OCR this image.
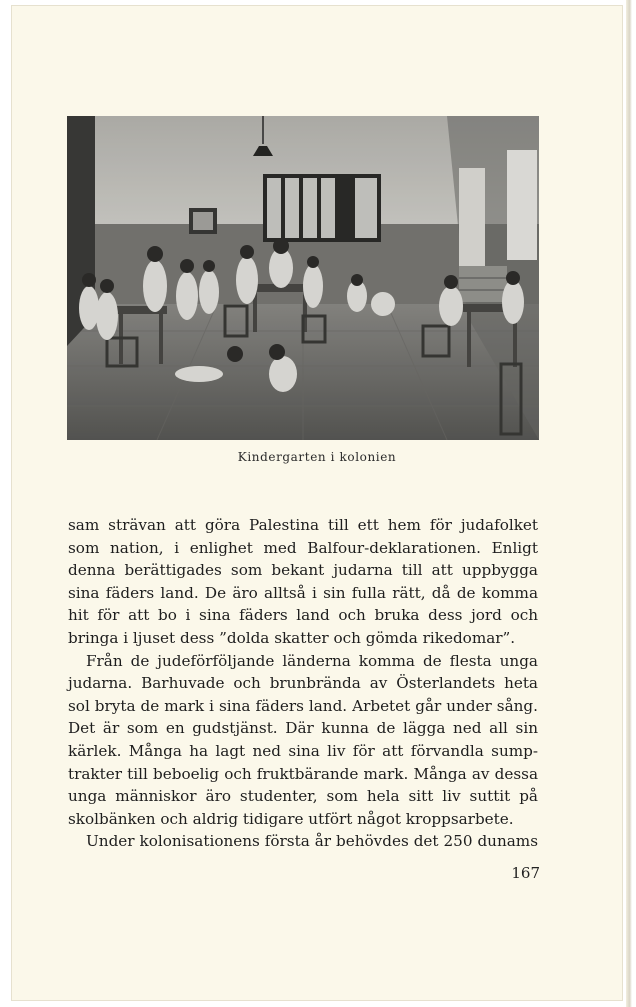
Kindergarten i kolonien
sam strävan att göra Palestina till ett hem för judafolket
som nation, i enlighet med Balfour-deklarationen. Enligt
denna berättigades som bekant judarna till att uppbygga
sina fäders land. De äro alltså i sin fulla rätt, då de komma
hit för att bo i sina fäders land och bruka dess jord och
bringa i ljuset dess ”dolda skatter och gömda rikedomar”.
Från de judeförföljande länderna komma de flesta unga
judarna. Barhuvade och brunbrända av Österlandets heta
sol bryta de mark i sina fäders land. Arbetet går under sång.
Det är som en gudstjänst. Där kunna de lägga ned all sin
kärlek. Många ha lagt ned sina liv för att förvandla sump-
trakter till beboelig och fruktbärande mark. Många av dessa
unga människor äro studenter, som hela sitt liv suttit på
skolbänken och aldrig tidigare utfört något kroppsarbete.
Under kolonisationens första år behövdes det 250 dunams
167
